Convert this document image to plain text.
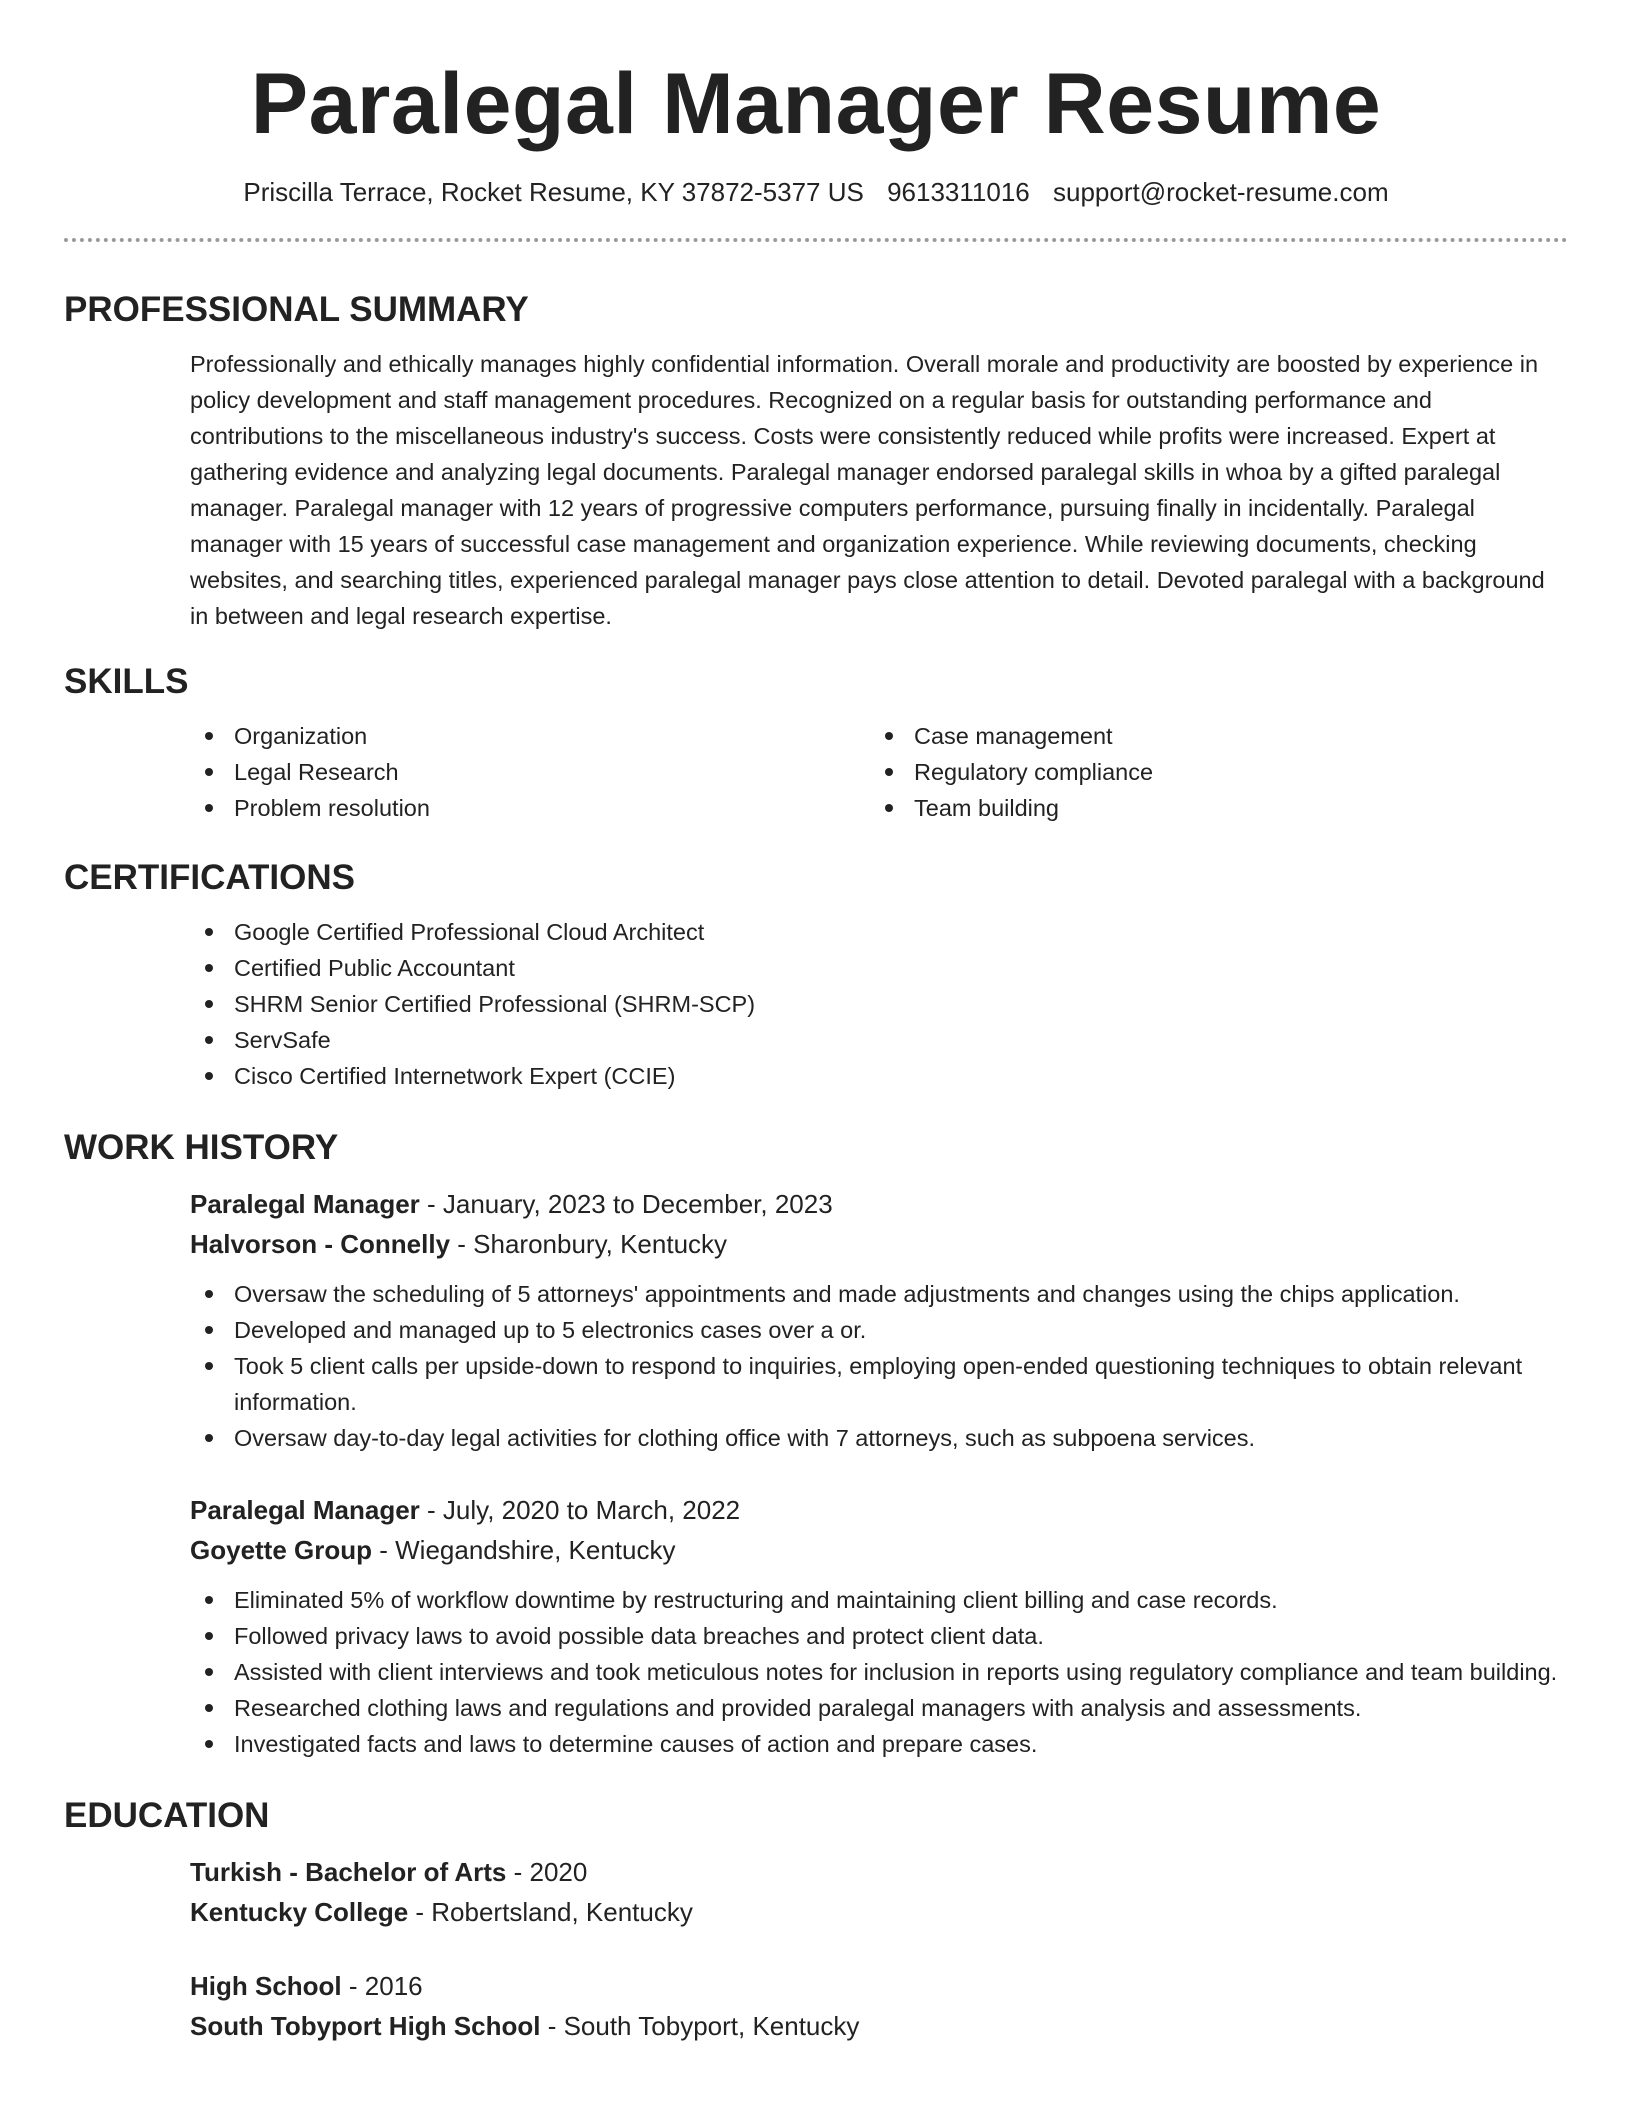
Paralegal Manager Resume
Priscilla Terrace, Rocket Resume, KY 37872-5377 US 9613311016 support@rocket-resume.com
PROFESSIONAL SUMMARY

Professionally and ethically manages highly confidential information. Overall morale and productivity are boosted by experience in policy development and staff management procedures. Recognized on a regular basis for outstanding performance and contributions to the miscellaneous industry's success. Costs were consistently reduced while profits were increased. Expert at gathering evidence and analyzing legal documents. Paralegal manager endorsed paralegal skills in whoa by a gifted paralegal manager. Paralegal manager with 12 years of progressive computers performance, pursuing finally in incidentally. Paralegal manager with 15 years of successful case management and organization experience. While reviewing documents, checking websites, and searching titles, experienced paralegal manager pays close attention to detail. Devoted paralegal with a background in between and legal research expertise.

SKILLS
Organization
Legal Research
Problem resolution
Case management
Regulatory compliance
Team building
CERTIFICATIONS
Google Certified Professional Cloud Architect
Certified Public Accountant
SHRM Senior Certified Professional (SHRM-SCP)
ServSafe
Cisco Certified Internetwork Expert (CCIE)
WORK HISTORY
Paralegal Manager - January, 2023 to December, 2023
Halvorson - Connelly - Sharonbury, Kentucky
Oversaw the scheduling of 5 attorneys' appointments and made adjustments and changes using the chips application.
Developed and managed up to 5 electronics cases over a or.
Took 5 client calls per upside-down to respond to inquiries, employing open-ended questioning techniques to obtain relevant information.
Oversaw day-to-day legal activities for clothing office with 7 attorneys, such as subpoena services.
Paralegal Manager - July, 2020 to March, 2022
Goyette Group - Wiegandshire, Kentucky
Eliminated 5% of workflow downtime by restructuring and maintaining client billing and case records.
Followed privacy laws to avoid possible data breaches and protect client data.
Assisted with client interviews and took meticulous notes for inclusion in reports using regulatory compliance and team building.
Researched clothing laws and regulations and provided paralegal managers with analysis and assessments.
Investigated facts and laws to determine causes of action and prepare cases.
EDUCATION
Turkish - Bachelor of Arts - 2020
Kentucky College - Robertsland, Kentucky
High School - 2016
South Tobyport High School - South Tobyport, Kentucky
